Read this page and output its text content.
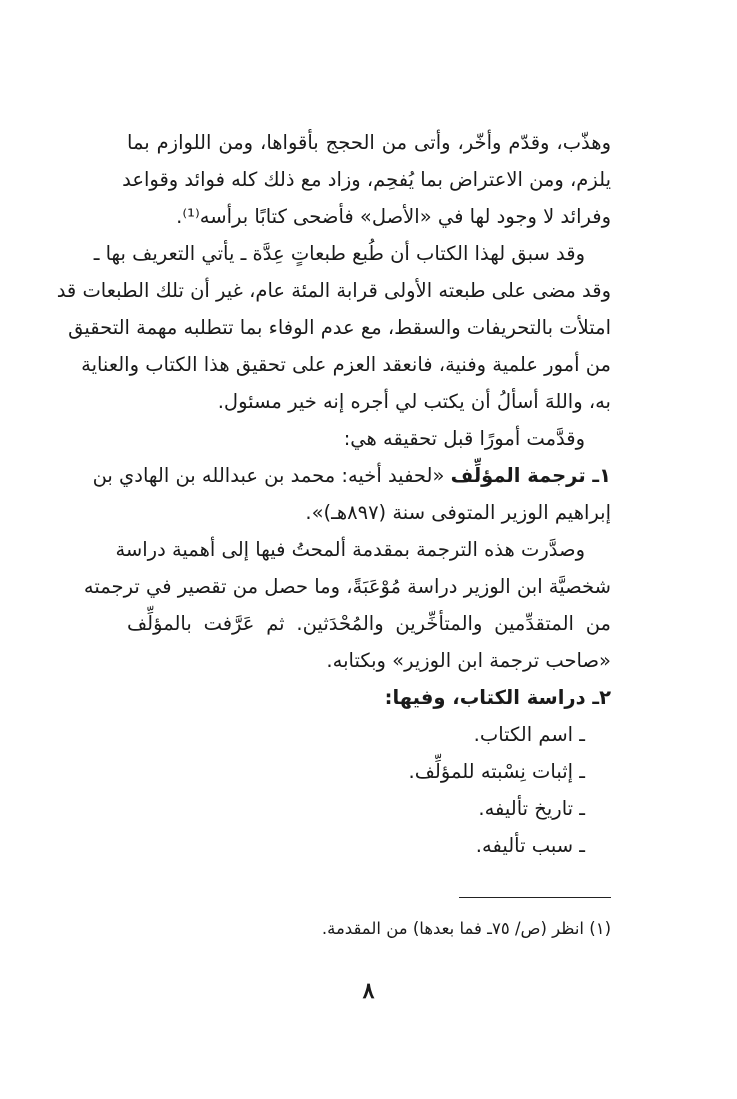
وهذّب، وقدّم وأخّر، وأتى من الحجج بأقواها، ومن اللوازم بما
يلزم، ومن الاعتراض بما يُفحِم، وزاد مع ذلك كله فوائد وقواعد
وفرائد لا وجود لها في «الأصل» فأضحى كتابًا برأسه⁽¹⁾.
وقد سبق لهذا الكتاب أن طُبع طبعاتٍ عِدَّة ـ يأتي التعريف بها ـ
وقد مضى على طبعته الأولى قرابة المئة عام، غير أن تلك الطبعات قد
امتلأت بالتحريفات والسقط، مع عدم الوفاء بما تتطلبه مهمة التحقيق
من أمور علمية وفنية، فانعقد العزم على تحقيق هذا الكتاب والعناية
به، واللهَ أسألُ أن يكتب لي أجره إنه خير مسئول.
وقدَّمت أمورًا قبل تحقيقه هي:
١ـ ترجمة المؤلِّف «لحفيد أخيه: محمد بن عبدالله بن الهادي بن
إبراهيم الوزير المتوفى سنة (٨٩٧هـ)».
وصدَّرت هذه الترجمة بمقدمة ألمحتُ فيها إلى أهمية دراسة
شخصيَّة ابن الوزير دراسة مُوْعَبَةً، وما حصل من تقصير في ترجمته
من المتقدِّمين والمتأخِّرين والمُحْدَثين. ثم عَرَّفت بالمؤلِّف
«صاحب ترجمة ابن الوزير» وبكتابه.
٢ـ دراسة الكتاب، وفيها:
ـ اسم الكتاب.
ـ إثبات نِسْبته للمؤلِّف.
ـ تاريخ تأليفه.
ـ سبب تأليفه.
(١) انظر (ص/ ٧٥ـ فما بعدها) من المقدمة.
٨
